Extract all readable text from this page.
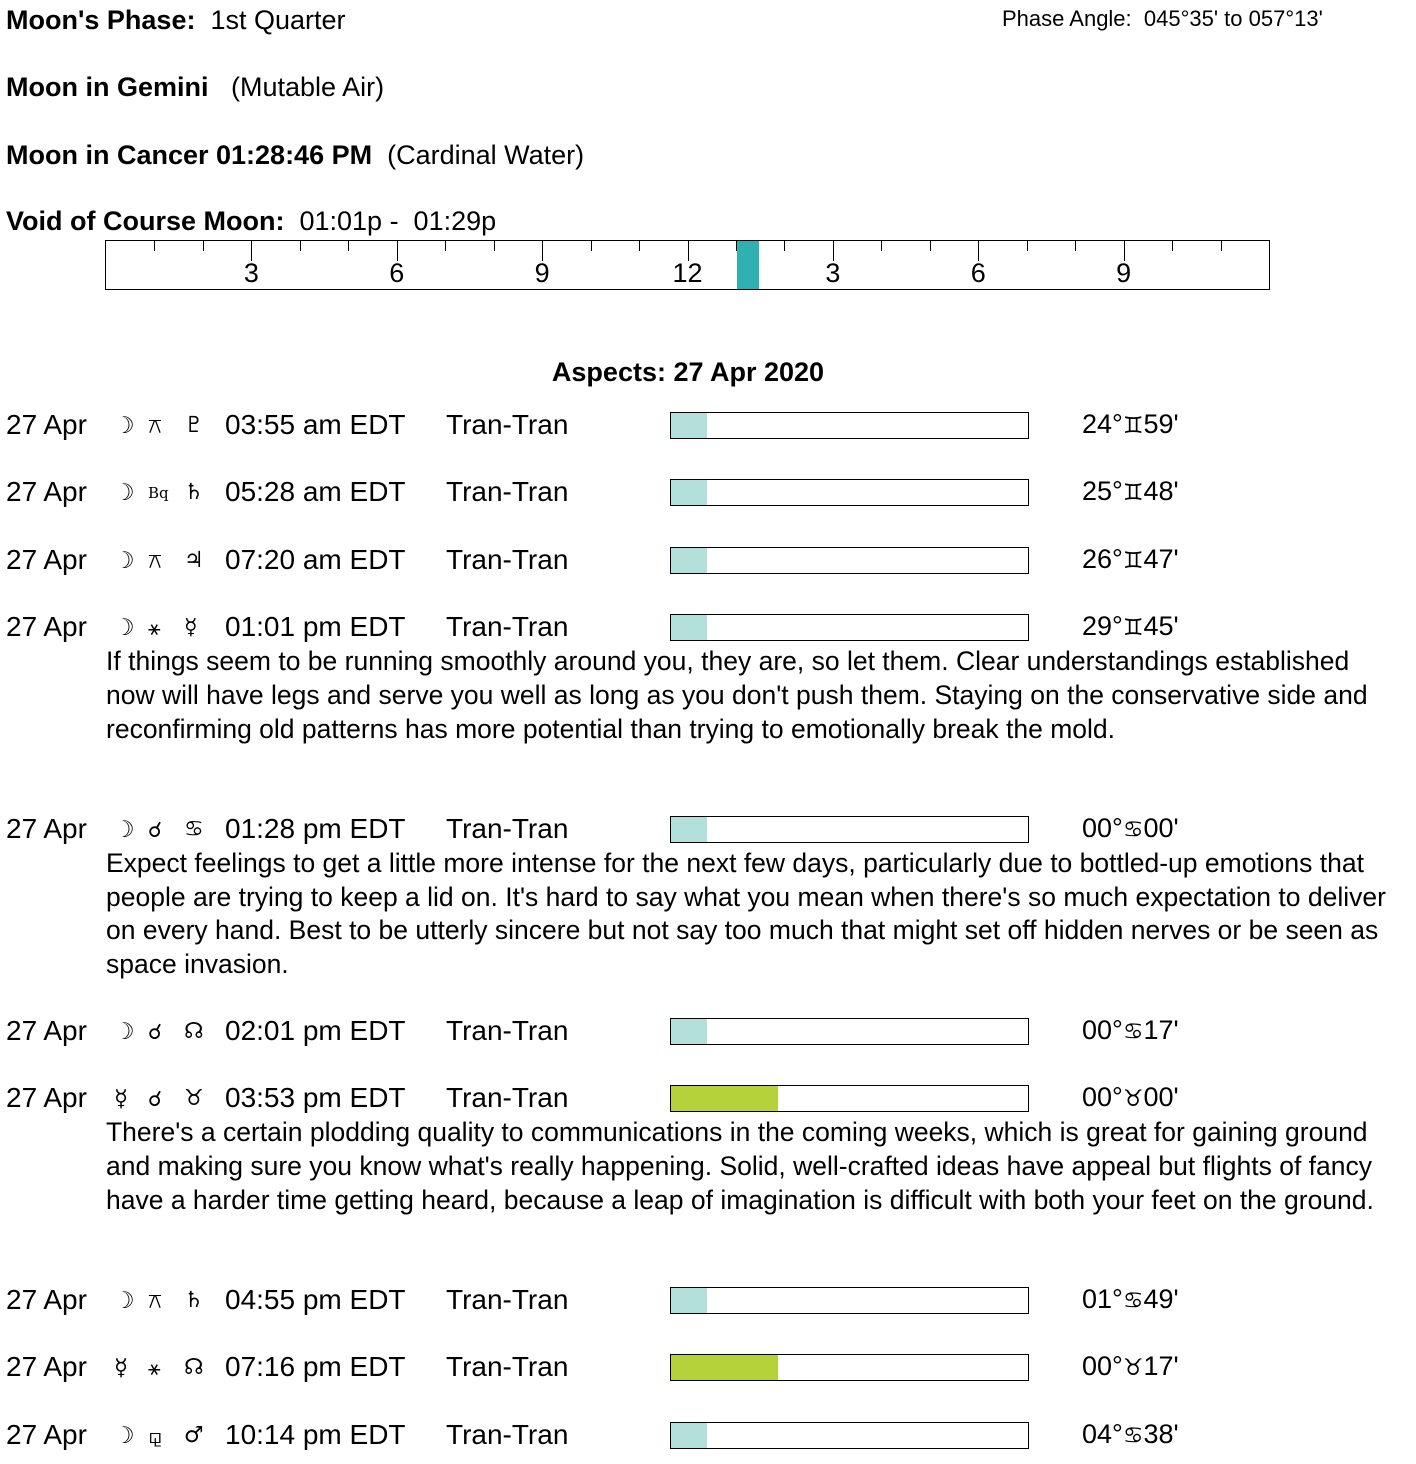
Moon's Phase: 1st Quarter	Phase Angle:  045°35' to 057°13'
Moon in Gemini (Mutable Air)
Moon in Cancer 01:28:46 PM (Cardinal Water)
Void of Course Moon: 01:01p -  01:29p
3	6	9	12	3	6	9
Aspects: 27 Apr 2020
27 Apr ☽ ⚻ ♇ 03:55 am EDT Tran-Tran	24°♊59'
27 Apr ☽ Bq ♄ 05:28 am EDT Tran-Tran	25°♊48'
27 Apr ☽ ⚻ ♃ 07:20 am EDT Tran-Tran	26°♊47'
27 Apr ☽ ⚹ ☿ 01:01 pm EDT Tran-Tran	29°♊45'
If things seem to be running smoothly around you, they are, so let them. Clear understandings established now will have legs and serve you well as long as you don't push them. Staying on the conservative side and reconfirming old patterns has more potential than trying to emotionally break the mold.
27 Apr ☽ ☌ ♋ 01:28 pm EDT Tran-Tran	00°♋00'
Expect feelings to get a little more intense for the next few days, particularly due to bottled-up emotions that people are trying to keep a lid on. It's hard to say what you mean when there's so much expectation to deliver on every hand. Best to be utterly sincere but not say too much that might set off hidden nerves or be seen as space invasion.
27 Apr ☽ ☌ ☊ 02:01 pm EDT Tran-Tran	00°♋17'
27 Apr ☿ ☌ ♉ 03:53 pm EDT Tran-Tran	00°♉00'
There's a certain plodding quality to communications in the coming weeks, which is great for gaining ground and making sure you know what's really happening. Solid, well-crafted ideas have appeal but flights of fancy have a harder time getting heard, because a leap of imagination is difficult with both your feet on the ground.
27 Apr ☽ ⚻ ♄ 04:55 pm EDT Tran-Tran	01°♋49'
27 Apr ☿ ⚹ ☊ 07:16 pm EDT Tran-Tran	00°♉17'
27 Apr ☽ ⚼ ♂ 10:14 pm EDT Tran-Tran	04°♋38'
